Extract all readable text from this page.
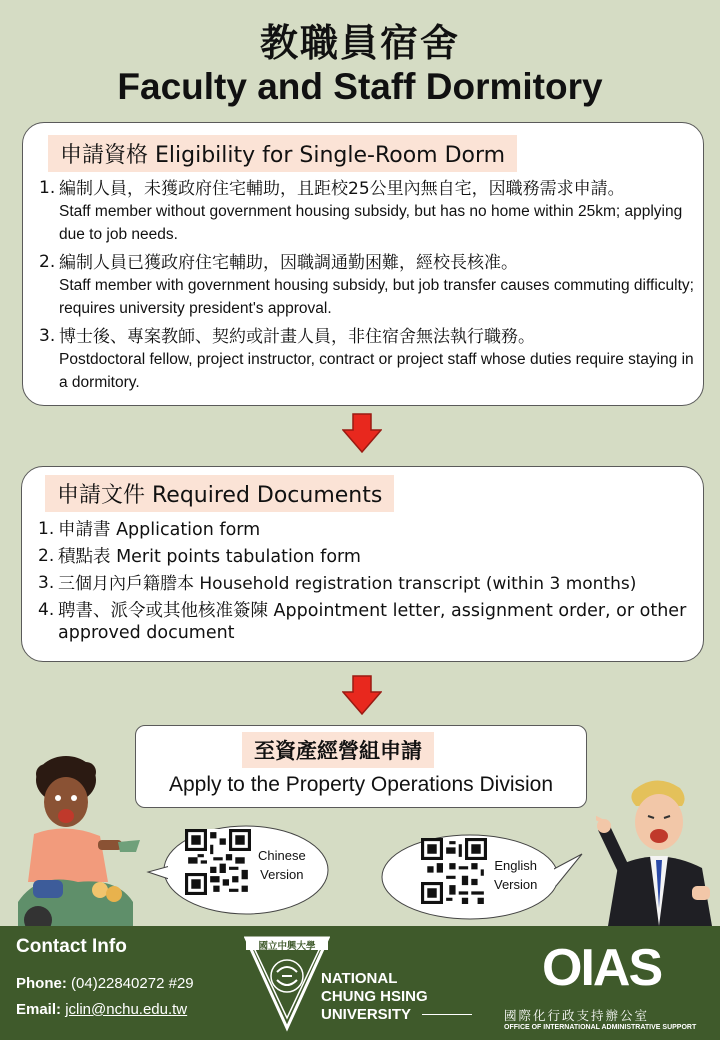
教職員宿舍
Faculty and Staff Dormitory
申請資格 Eligibility for Single-Room Dorm
1. 編制人員，未獲政府住宅輔助，且距校25公里內無自宅，因職務需求申請。
Staff member without government housing subsidy, but has no home within 25km; applying due to job needs.
2. 編制人員已獲政府住宅輔助，因職調通勤困難，經校長核准。
Staff member with government housing subsidy, but job transfer causes commuting difficulty; requires university president's approval.
3. 博士後、專案教師、契約或計畫人員，非住宿舍無法執行職務。
Postdoctoral fellow, project instructor, contract or project staff whose duties require staying in a dormitory.
申請文件 Required Documents
1. 申請書 Application form
2. 積點表 Merit points tabulation form
3. 三個月內戶籍謄本 Household registration transcript (within 3 months)
4. 聘書、派令或其他核准簽陳 Appointment letter, assignment order, or other approved document
至資產經營組申請
Apply to the Property Operations Division
Chinese
Version
English
Version
Contact Info
Phone: (04)22840272 #29
Email: jclin@nchu.edu.tw
國立中興大學
NATIONAL
CHUNG HSING
UNIVERSITY
OIAS
國際化行政支持辦公室
OFFICE OF INTERNATIONAL ADMINISTRATIVE SUPPORT
